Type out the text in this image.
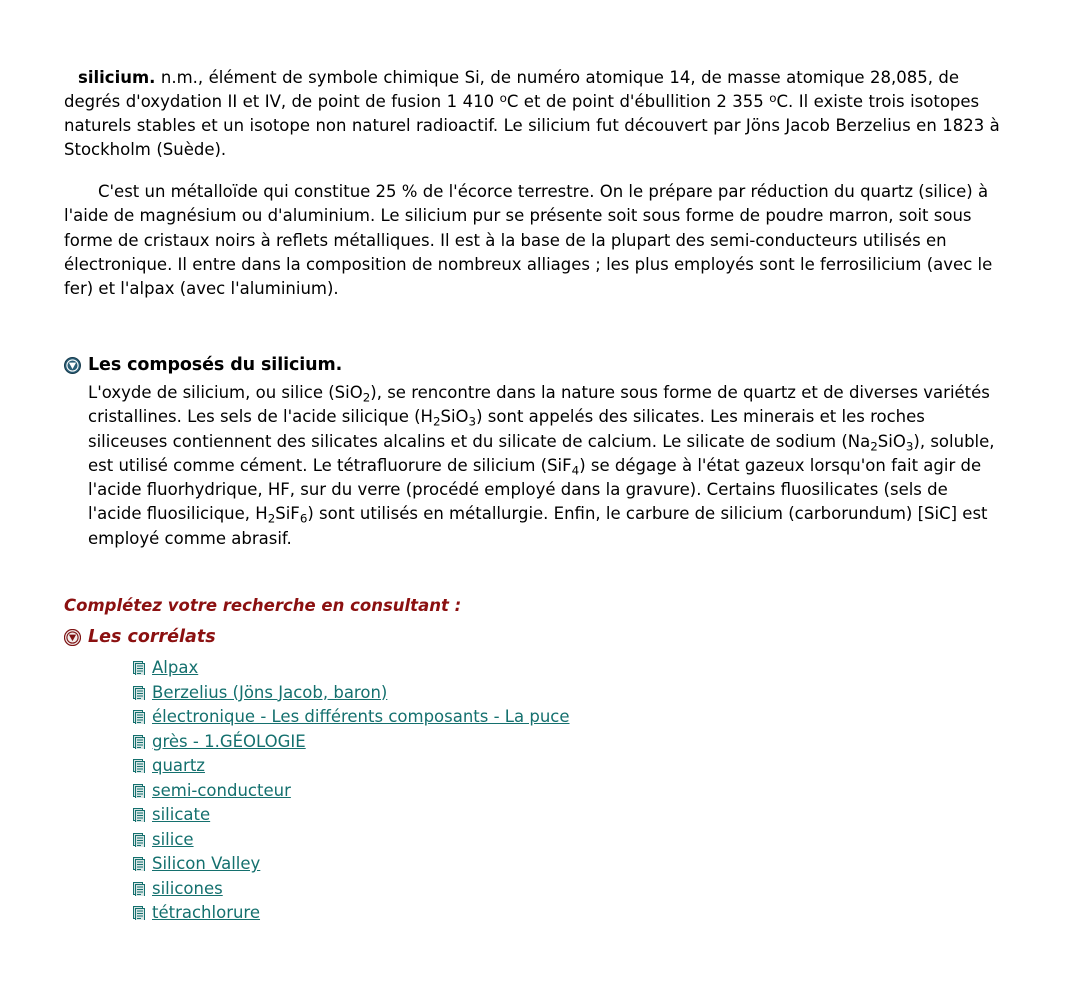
silicium. n.m., élément de symbole chimique Si, de numéro atomique 14, de masse atomique 28,085, de degrés d'oxydation II et IV, de point de fusion 1 410 $^o$C et de point d'ébullition 2 355 $^o$C. Il existe trois isotopes naturels stables et un isotope non naturel radioactif. Le silicium fut découvert par Jöns Jacob Berzelius en 1823 à Stockholm (Suède).

C'est un métalloïde qui constitue 25 % de l'écorce terrestre. On le prépare par réduction du quartz (silice) à l'aide de magnésium ou d'aluminium. Le silicium pur se présente soit sous forme de poudre marron, soit sous forme de cristaux noirs à reflets métalliques. Il est à la base de la plupart des semi-conducteurs utilisés en électronique. Il entre dans la composition de nombreux alliages ; les plus employés sont le ferrosilicium (avec le fer) et l'alpax (avec l'aluminium).

Les composés du silicium.

L'oxyde de silicium, ou silice (SiO$_2$), se rencontre dans la nature sous forme de quartz et de diverses variétés cristallines. Les sels de l'acide silicique $(H_2SiO_3)$ sont appelés des silicates. Les minerais et les roches siliceuses contiennent des silicates alcalins et du silicate de calcium. Le silicate de sodium $(Na_2SiO_3)$, soluble, est utilisé comme cément. Le tétrafluorure de silicium (SiF$_4$) se dégage à l'état gazeux lorsqu'on fait agir de l'acide fluorhydrique, HF, sur du verre (procédé employé dans la gravure). Certains fluosilicates (sels de l'acide fluosilicique, $H_2SiF_6$) sont utilisés en métallurgie. Enfin, le carbure de silicium (carborundum) [SiC] est employé comme abrasif.

Complétez votre recherche en consultant :
Les corrélats
Alpax
Berzelius (Jöns Jacob, baron)
électronique - Les différents composants - La puce
grès - 1.GÉOLOGIE
quartz
semi-conducteur
silicate
silice
Silicon Valley
silicones
tétrachlorure
